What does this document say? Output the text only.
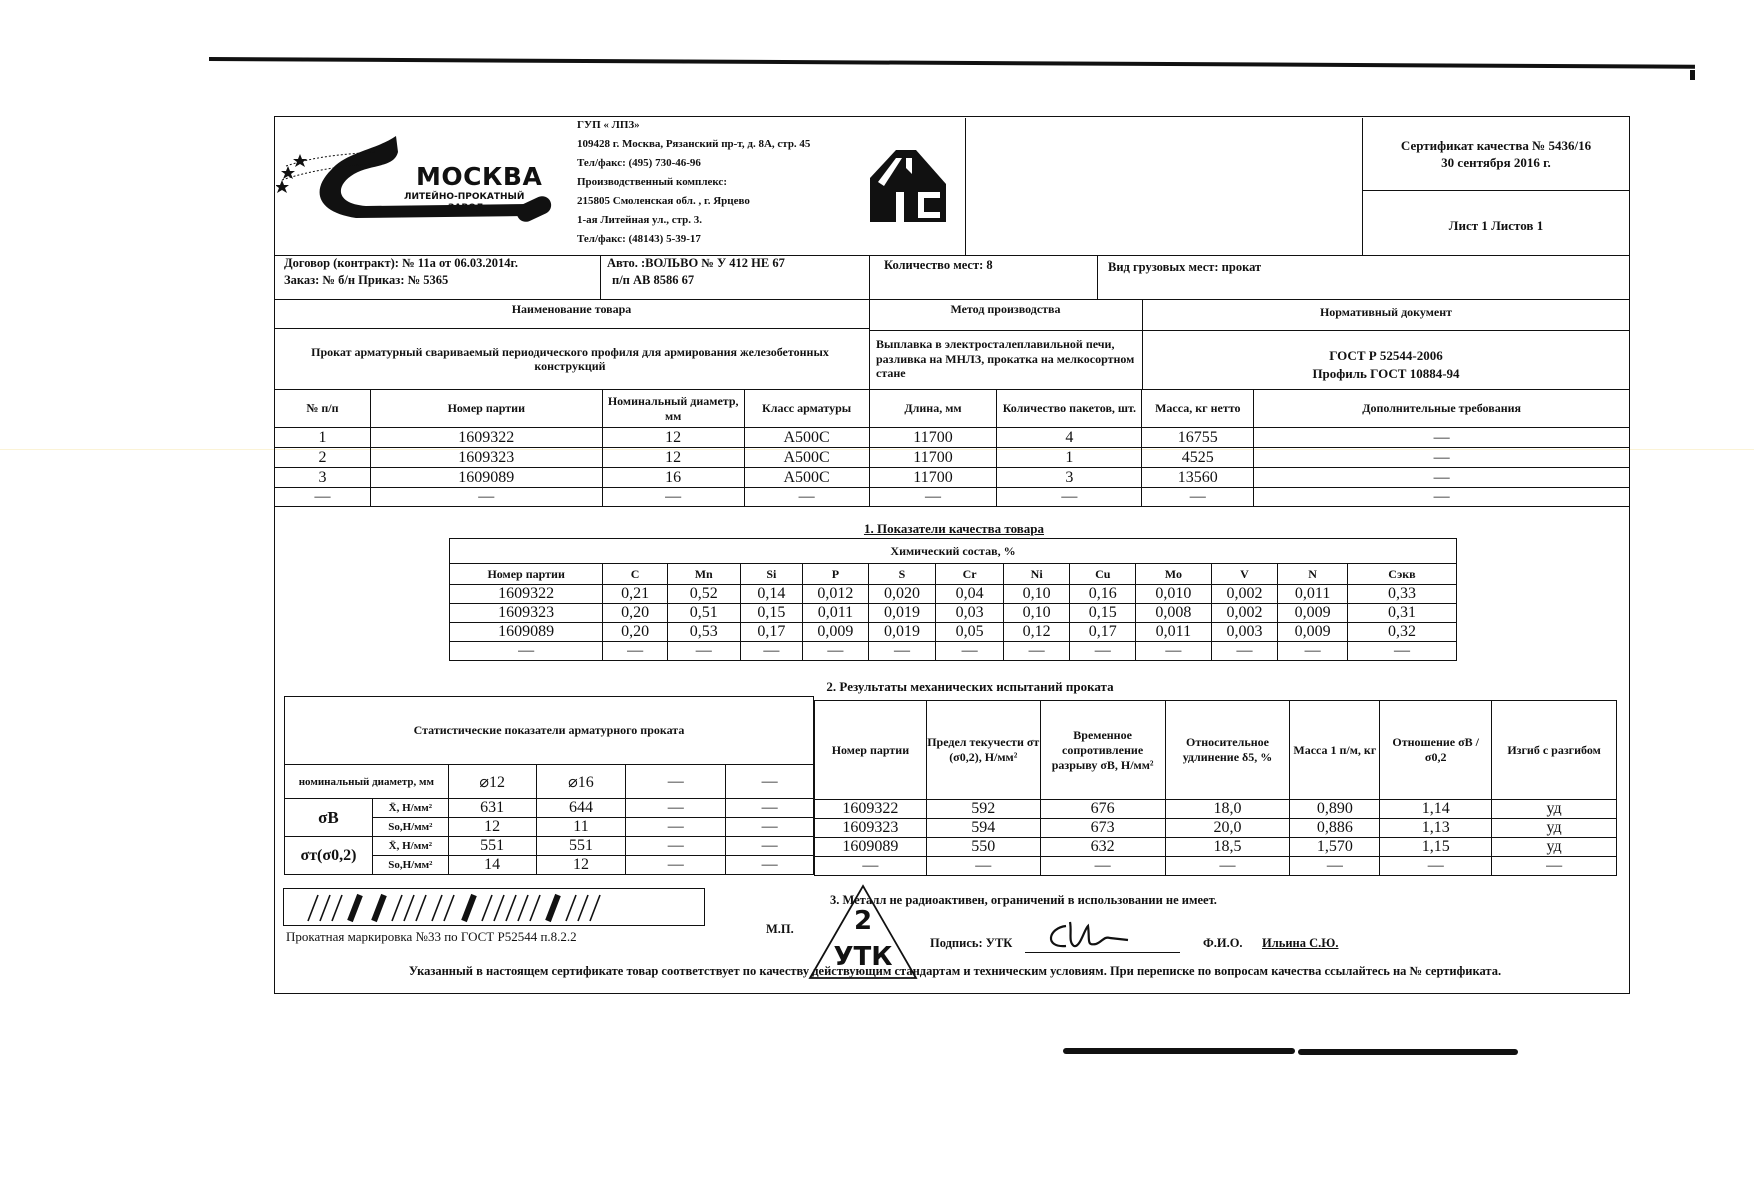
МОСКВА
ЛИТЕЙНО-ПРОКАТНЫЙ
ЗАВОД
ГУП « ЛПЗ»
109428 г. Москва, Рязанский пр-т, д. 8А, стр. 45
Тел/факс: (495) 730-46-96
Производственный комплекс:
215805 Смоленская обл. , г. Ярцево
1-ая Литейная ул., стр. 3.
Тел/факс: (48143) 5-39-17
Сертификат качества № 5436/16
30 сентября 2016 г.
Лист 1 Листов 1
Договор (контракт): № 11а от 06.03.2014г.
Заказ: № б/н Приказ: № 5365
Авто. :ВОЛЬВО № У 412 НЕ 67
п/п АВ 8586 67
Количество мест: 8	Вид грузовых мест: прокат
Наименование товара	Метод производства	Нормативный документ
Прокат арматурный свариваемый периодического профиля для армирования железобетонных конструкций
Выплавка в электросталеплавильной печи, разливка на МНЛЗ, прокатка на мелкосортном стане
ГОСТ Р 52544-2006
Профиль ГОСТ 10884-94
№ п/п	Номер партии	Номинальный диаметр, мм	Класс арматуры	Длина, мм	Количество пакетов, шт.	Масса, кг нетто	Дополнительные требования
1	1609322	12	А500С	11700	4	16755	—
2	1609323	12	А500С	11700	1	4525	—
3	1609089	16	А500С	11700	3	13560	—
—	—	—	—	—	—	—	—
1. Показатели качества товара
Химический состав, %												
Номер партии	C	Mn	Si	P	S	Cr	Ni	Cu	Mo	V	N	Сэкв
1609322	0,21	0,52	0,14	0,012	0,020	0,04	0,10	0,16	0,010	0,002	0,011	0,33
1609323	0,20	0,51	0,15	0,011	0,019	0,03	0,10	0,15	0,008	0,002	0,009	0,31
1609089	0,20	0,53	0,17	0,009	0,019	0,05	0,12	0,17	0,011	0,003	0,009	0,32
—	—	—	—	—	—	—	—	—	—	—	—	—
2. Результаты механических испытаний проката
Статистические показатели арматурного проката					
номинальный диаметр, мм		⌀12	⌀16	—	—
σB	X̄, Н/мм²	631	644	—	—
	So,Н/мм²	12	11	—	—
σт(σ0,2)	X̄, Н/мм²	551	551	—	—
	So,Н/мм²	14	12	—	—
Номер партии	Предел текучести σт (σ0,2), Н/мм²	Временное сопротивление разрыву σB, Н/мм²	Относительное удлинение δ5, %	Масса 1 п/м, кг	Отношение σB / σ0,2	Изгиб с разгибом
1609322	592	676	18,0	0,890	1,14	уд
1609323	594	673	20,0	0,886	1,13	уд
1609089	550	632	18,5	1,570	1,15	уд
—	—	—	—	—	—	—
Прокатная маркировка №33 по ГОСТ Р52544 п.8.2.2
3. Металл не радиоактивен, ограничений в использовании не имеет.
М.П.	2
УТК	Подпись: УТК	Ф.И.О. Ильина С.Ю.
Указанный в настоящем сертификате товар соответствует по качеству действующим стандартам и техническим условиям. При переписке по вопросам качества ссылайтесь на № сертификата.
